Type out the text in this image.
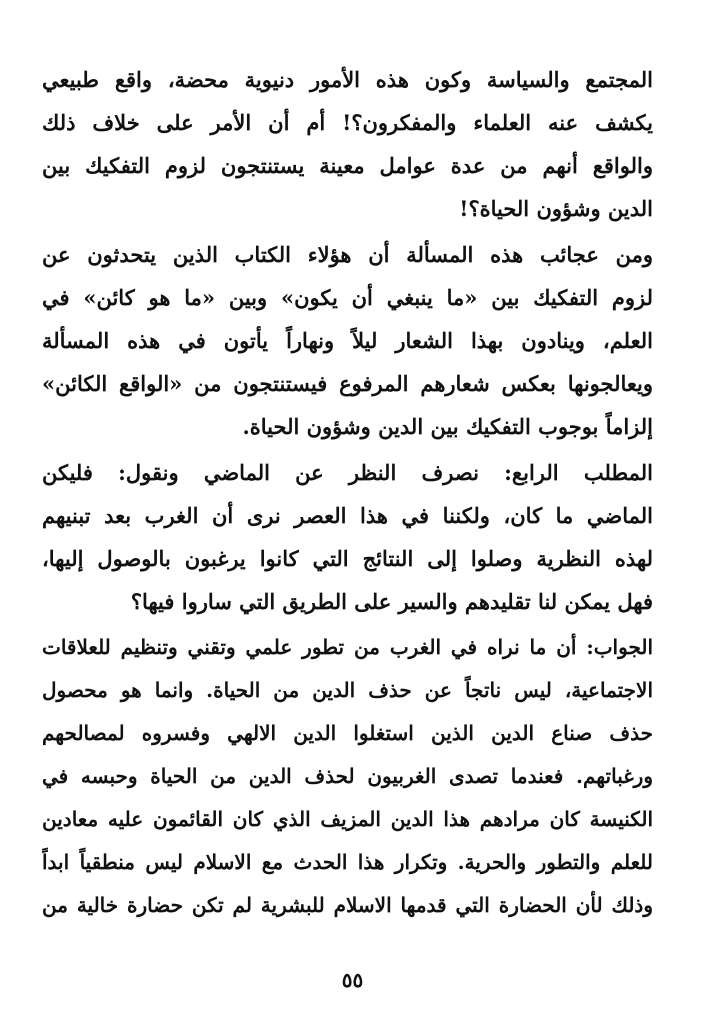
المجتمع والسياسة وكون هذه الأمور دنيوية محضة، واقع طبيعي
يكشف عنه العلماء والمفكرون؟! أم أن الأمر على خلاف ذلك
والواقع أنهم من عدة عوامل معينة يستنتجون لزوم التفكيك بين
الدين وشؤون الحياة؟!
ومن عجائب هذه المسألة أن هؤلاء الكتاب الذين يتحدثون عن
لزوم التفكيك بين «ما ينبغي أن يكون» وبين «ما هو كائن» في
العلم، وينادون بهذا الشعار ليلاً ونهاراً يأتون في هذه المسألة
ويعالجونها بعكس شعارهم المرفوع فيستنتجون من «الواقع الكائن»
إلزاماً بوجوب التفكيك بين الدين وشؤون الحياة.
المطلب الرابع: نصرف النظر عن الماضي ونقول: فليكن
الماضي ما كان، ولكننا في هذا العصر نرى أن الغرب بعد تبنيهم
لهذه النظرية وصلوا إلى النتائج التي كانوا يرغبون بالوصول إليها،
فهل يمكن لنا تقليدهم والسير على الطريق التي ساروا فيها؟
الجواب: أن ما نراه في الغرب من تطور علمي وتقني وتنظيم للعلاقات
الاجتماعية، ليس ناتجاً عن حذف الدين من الحياة. وانما هو محصول
حذف صناع الدين الذين استغلوا الدين الالهي وفسروه لمصالحهم
ورغباتهم. فعندما تصدى الغربيون لحذف الدين من الحياة وحبسه في
الكنيسة كان مرادهم هذا الدين المزيف الذي كان القائمون عليه معادين
للعلم والتطور والحرية. وتكرار هذا الحدث مع الاسلام ليس منطقياً ابداً
وذلك لأن الحضارة التي قدمها الاسلام للبشرية لم تكن حضارة خالية من
٥٥
